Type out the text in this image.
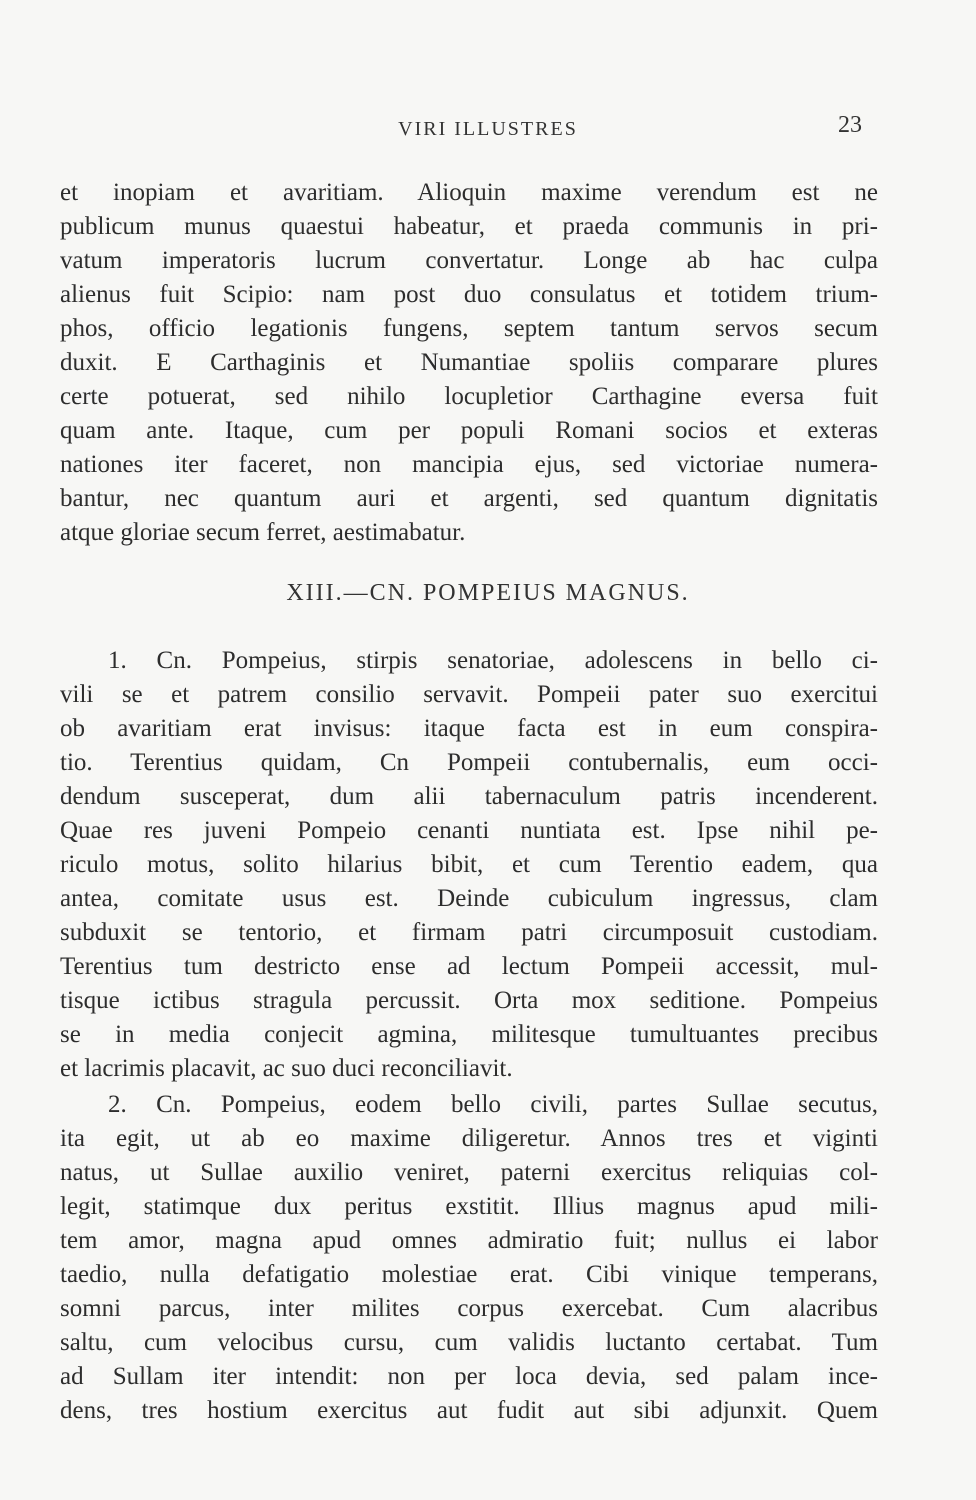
VIRI ILLUSTRES	23
et inopiam et avaritiam. Alioquin maxime verendum est ne
publicum munus quaestui habeatur, et praeda communis in pri-
vatum imperatoris lucrum convertatur. Longe ab hac culpa
alienus fuit Scipio: nam post duo consulatus et totidem trium-
phos, officio legationis fungens, septem tantum servos secum
duxit. E Carthaginis et Numantiae spoliis comparare plures
certe potuerat, sed nihilo locupletior Carthagine eversa fuit
quam ante. Itaque, cum per populi Romani socios et exteras
nationes iter faceret, non mancipia ejus, sed victoriae numera-
bantur, nec quantum auri et argenti, sed quantum dignitatis
atque gloriae secum ferret, aestimabatur.
XIII.—CN. POMPEIUS MAGNUS.
1. Cn. Pompeius, stirpis senatoriae, adolescens in bello ci-
vili se et patrem consilio servavit. Pompeii pater suo exercitui
ob avaritiam erat invisus: itaque facta est in eum conspira-
tio. Terentius quidam, Cn Pompeii contubernalis, eum occi-
dendum susceperat, dum alii tabernaculum patris incenderent.
Quae res juveni Pompeio cenanti nuntiata est. Ipse nihil pe-
riculo motus, solito hilarius bibit, et cum Terentio eadem, qua
antea, comitate usus est. Deinde cubiculum ingressus, clam
subduxit se tentorio, et firmam patri circumposuit custodiam.
Terentius tum destricto ense ad lectum Pompeii accessit, mul-
tisque ictibus stragula percussit. Orta mox seditione. Pompeius
se in media conjecit agmina, militesque tumultuantes precibus
et lacrimis placavit, ac suo duci reconciliavit.
2. Cn. Pompeius, eodem bello civili, partes Sullae secutus,
ita egit, ut ab eo maxime diligeretur. Annos tres et viginti
natus, ut Sullae auxilio veniret, paterni exercitus reliquias col-
legit, statimque dux peritus exstitit. Illius magnus apud mili-
tem amor, magna apud omnes admiratio fuit; nullus ei labor
taedio, nulla defatigatio molestiae erat. Cibi vinique temperans,
somni parcus, inter milites corpus exercebat. Cum alacribus
saltu, cum velocibus cursu, cum validis luctanto certabat. Tum
ad Sullam iter intendit: non per loca devia, sed palam ince-
dens, tres hostium exercitus aut fudit aut sibi adjunxit. Quem
